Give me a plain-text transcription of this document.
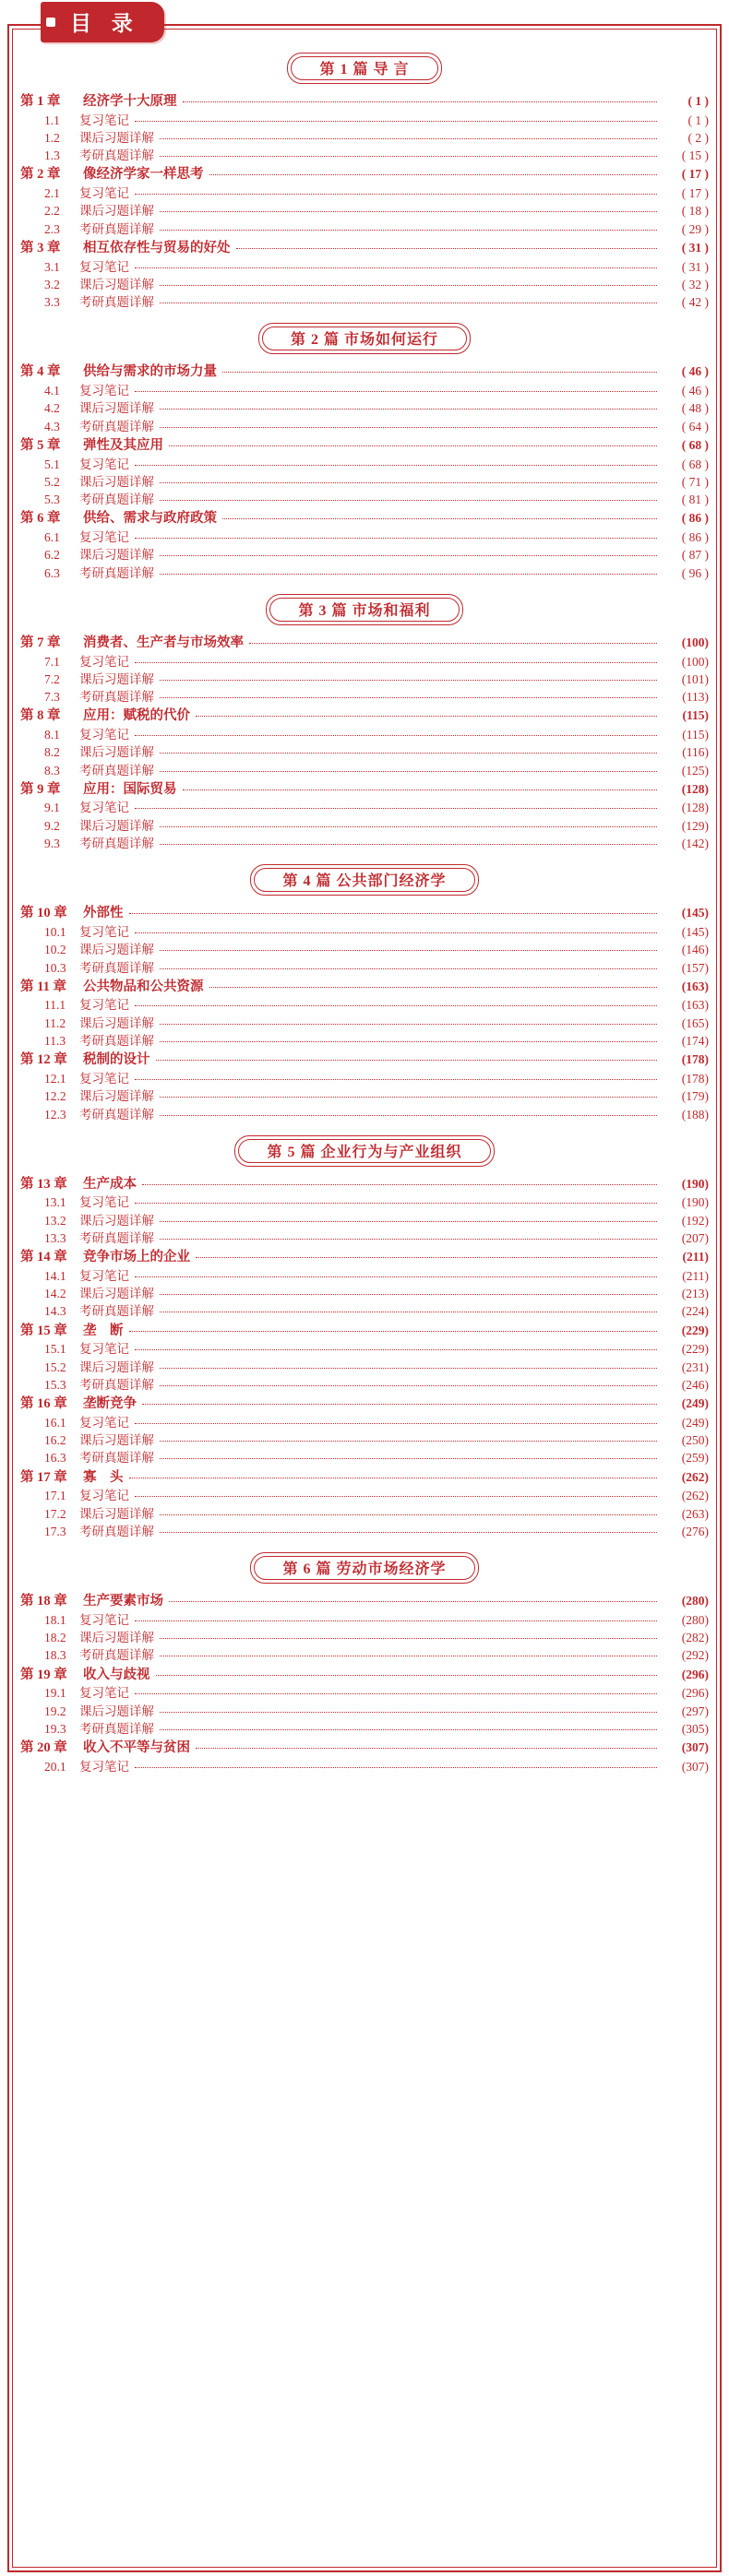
目 录
第 1 篇 导 言
第 1 章	经济学十大原理	( 1 )
1.1	复习笔记	( 1 )
1.2	课后习题详解	( 2 )
1.3	考研真题详解	( 15 )
第 2 章	像经济学家一样思考	( 17 )
2.1	复习笔记	( 17 )
2.2	课后习题详解	( 18 )
2.3	考研真题详解	( 29 )
第 3 章	相互依存性与贸易的好处	( 31 )
3.1	复习笔记	( 31 )
3.2	课后习题详解	( 32 )
3.3	考研真题详解	( 42 )
第 2 篇 市场如何运行
第 4 章	供给与需求的市场力量	( 46 )
4.1	复习笔记	( 46 )
4.2	课后习题详解	( 48 )
4.3	考研真题详解	( 64 )
第 5 章	弹性及其应用	( 68 )
5.1	复习笔记	( 68 )
5.2	课后习题详解	( 71 )
5.3	考研真题详解	( 81 )
第 6 章	供给、需求与政府政策	( 86 )
6.1	复习笔记	( 86 )
6.2	课后习题详解	( 87 )
6.3	考研真题详解	( 96 )
第 3 篇 市场和福利
第 7 章	消费者、生产者与市场效率	(100)
7.1	复习笔记	(100)
7.2	课后习题详解	(101)
7.3	考研真题详解	(113)
第 8 章	应用：赋税的代价	(115)
8.1	复习笔记	(115)
8.2	课后习题详解	(116)
8.3	考研真题详解	(125)
第 9 章	应用：国际贸易	(128)
9.1	复习笔记	(128)
9.2	课后习题详解	(129)
9.3	考研真题详解	(142)
第 4 篇 公共部门经济学
第 10 章	外部性	(145)
10.1	复习笔记	(145)
10.2	课后习题详解	(146)
10.3	考研真题详解	(157)
第 11 章	公共物品和公共资源	(163)
11.1	复习笔记	(163)
11.2	课后习题详解	(165)
11.3	考研真题详解	(174)
第 12 章	税制的设计	(178)
12.1	复习笔记	(178)
12.2	课后习题详解	(179)
12.3	考研真题详解	(188)
第 5 篇 企业行为与产业组织
第 13 章	生产成本	(190)
13.1	复习笔记	(190)
13.2	课后习题详解	(192)
13.3	考研真题详解	(207)
第 14 章	竞争市场上的企业	(211)
14.1	复习笔记	(211)
14.2	课后习题详解	(213)
14.3	考研真题详解	(224)
第 15 章	垄　断	(229)
15.1	复习笔记	(229)
15.2	课后习题详解	(231)
15.3	考研真题详解	(246)
第 16 章	垄断竞争	(249)
16.1	复习笔记	(249)
16.2	课后习题详解	(250)
16.3	考研真题详解	(259)
第 17 章	寡　头	(262)
17.1	复习笔记	(262)
17.2	课后习题详解	(263)
17.3	考研真题详解	(276)
第 6 篇 劳动市场经济学
第 18 章	生产要素市场	(280)
18.1	复习笔记	(280)
18.2	课后习题详解	(282)
18.3	考研真题详解	(292)
第 19 章	收入与歧视	(296)
19.1	复习笔记	(296)
19.2	课后习题详解	(297)
19.3	考研真题详解	(305)
第 20 章	收入不平等与贫困	(307)
20.1	复习笔记	(307)
